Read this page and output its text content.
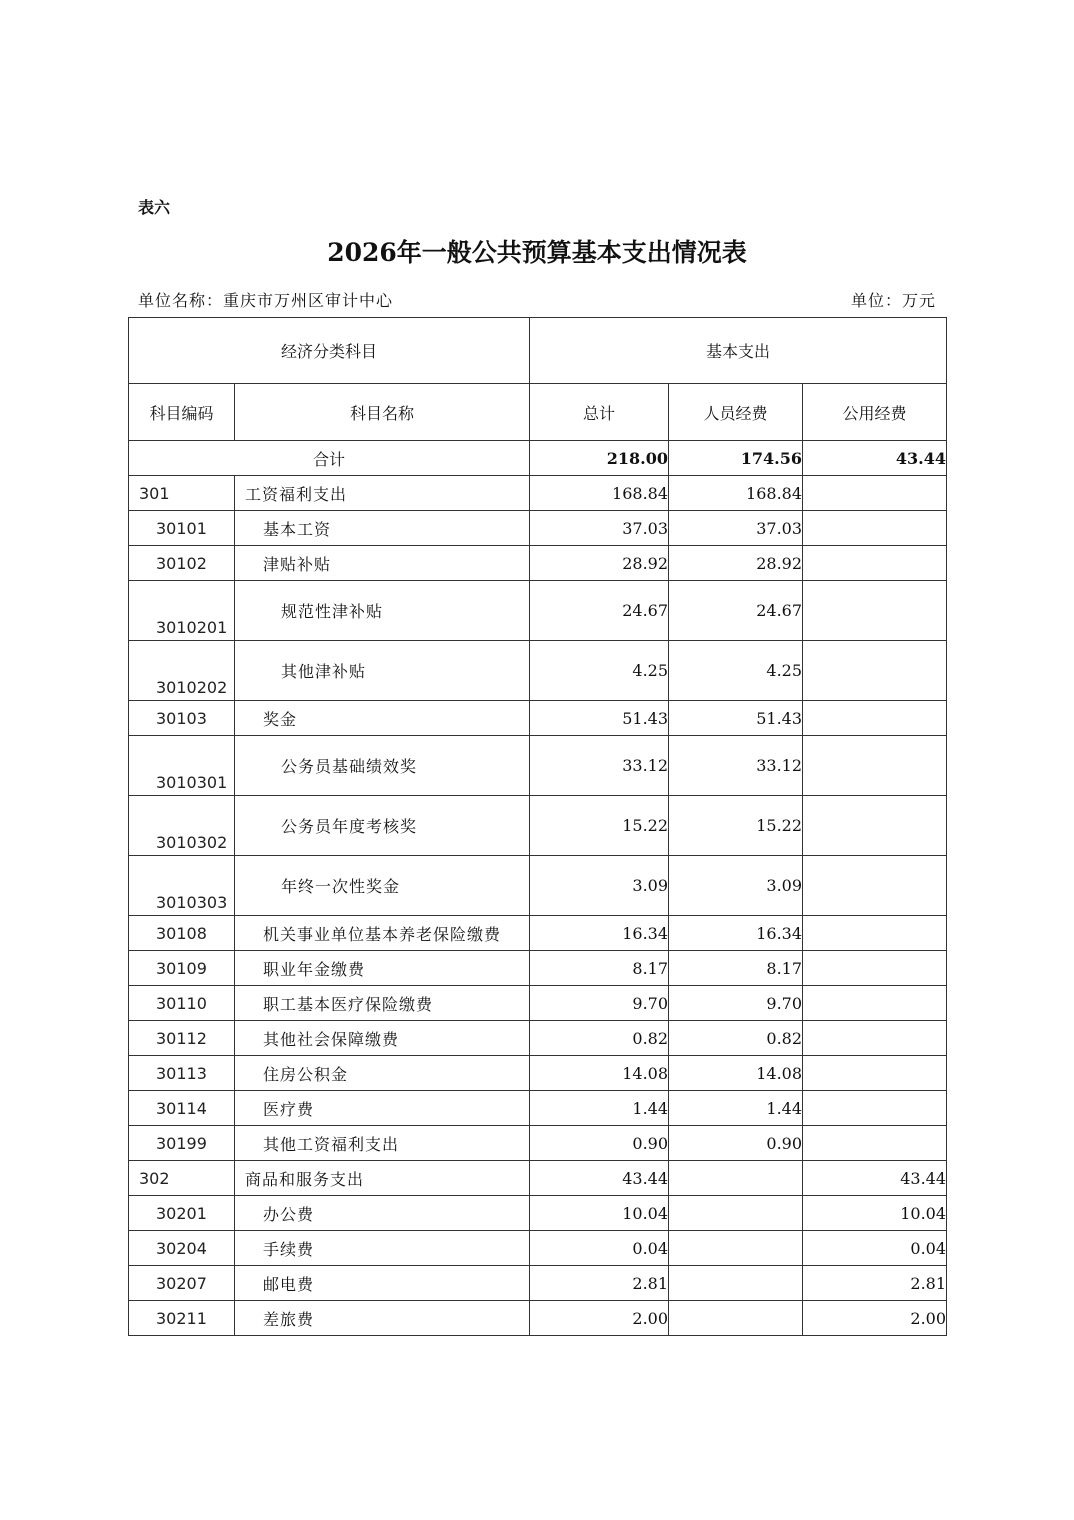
表六
2026年一般公共预算基本支出情况表
单位名称：重庆市万州区审计中心	单位：万元
经济分类科目		基本支出		
科目编码	科目名称	总计	人员经费	公用经费
合计		218.00	174.56	43.44
301	工资福利支出	168.84	168.84	
30101	基本工资	37.03	37.03	
30102	津贴补贴	28.92	28.92	
3010201	规范性津补贴	24.67	24.67	
3010202	其他津补贴	4.25	4.25	
30103	奖金	51.43	51.43	
3010301	公务员基础绩效奖	33.12	33.12	
3010302	公务员年度考核奖	15.22	15.22	
3010303	年终一次性奖金	3.09	3.09	
30108	机关事业单位基本养老保险缴费	16.34	16.34	
30109	职业年金缴费	8.17	8.17	
30110	职工基本医疗保险缴费	9.70	9.70	
30112	其他社会保障缴费	0.82	0.82	
30113	住房公积金	14.08	14.08	
30114	医疗费	1.44	1.44	
30199	其他工资福利支出	0.90	0.90	
302	商品和服务支出	43.44		43.44
30201	办公费	10.04		10.04
30204	手续费	0.04		0.04
30207	邮电费	2.81		2.81
30211	差旅费	2.00		2.00
